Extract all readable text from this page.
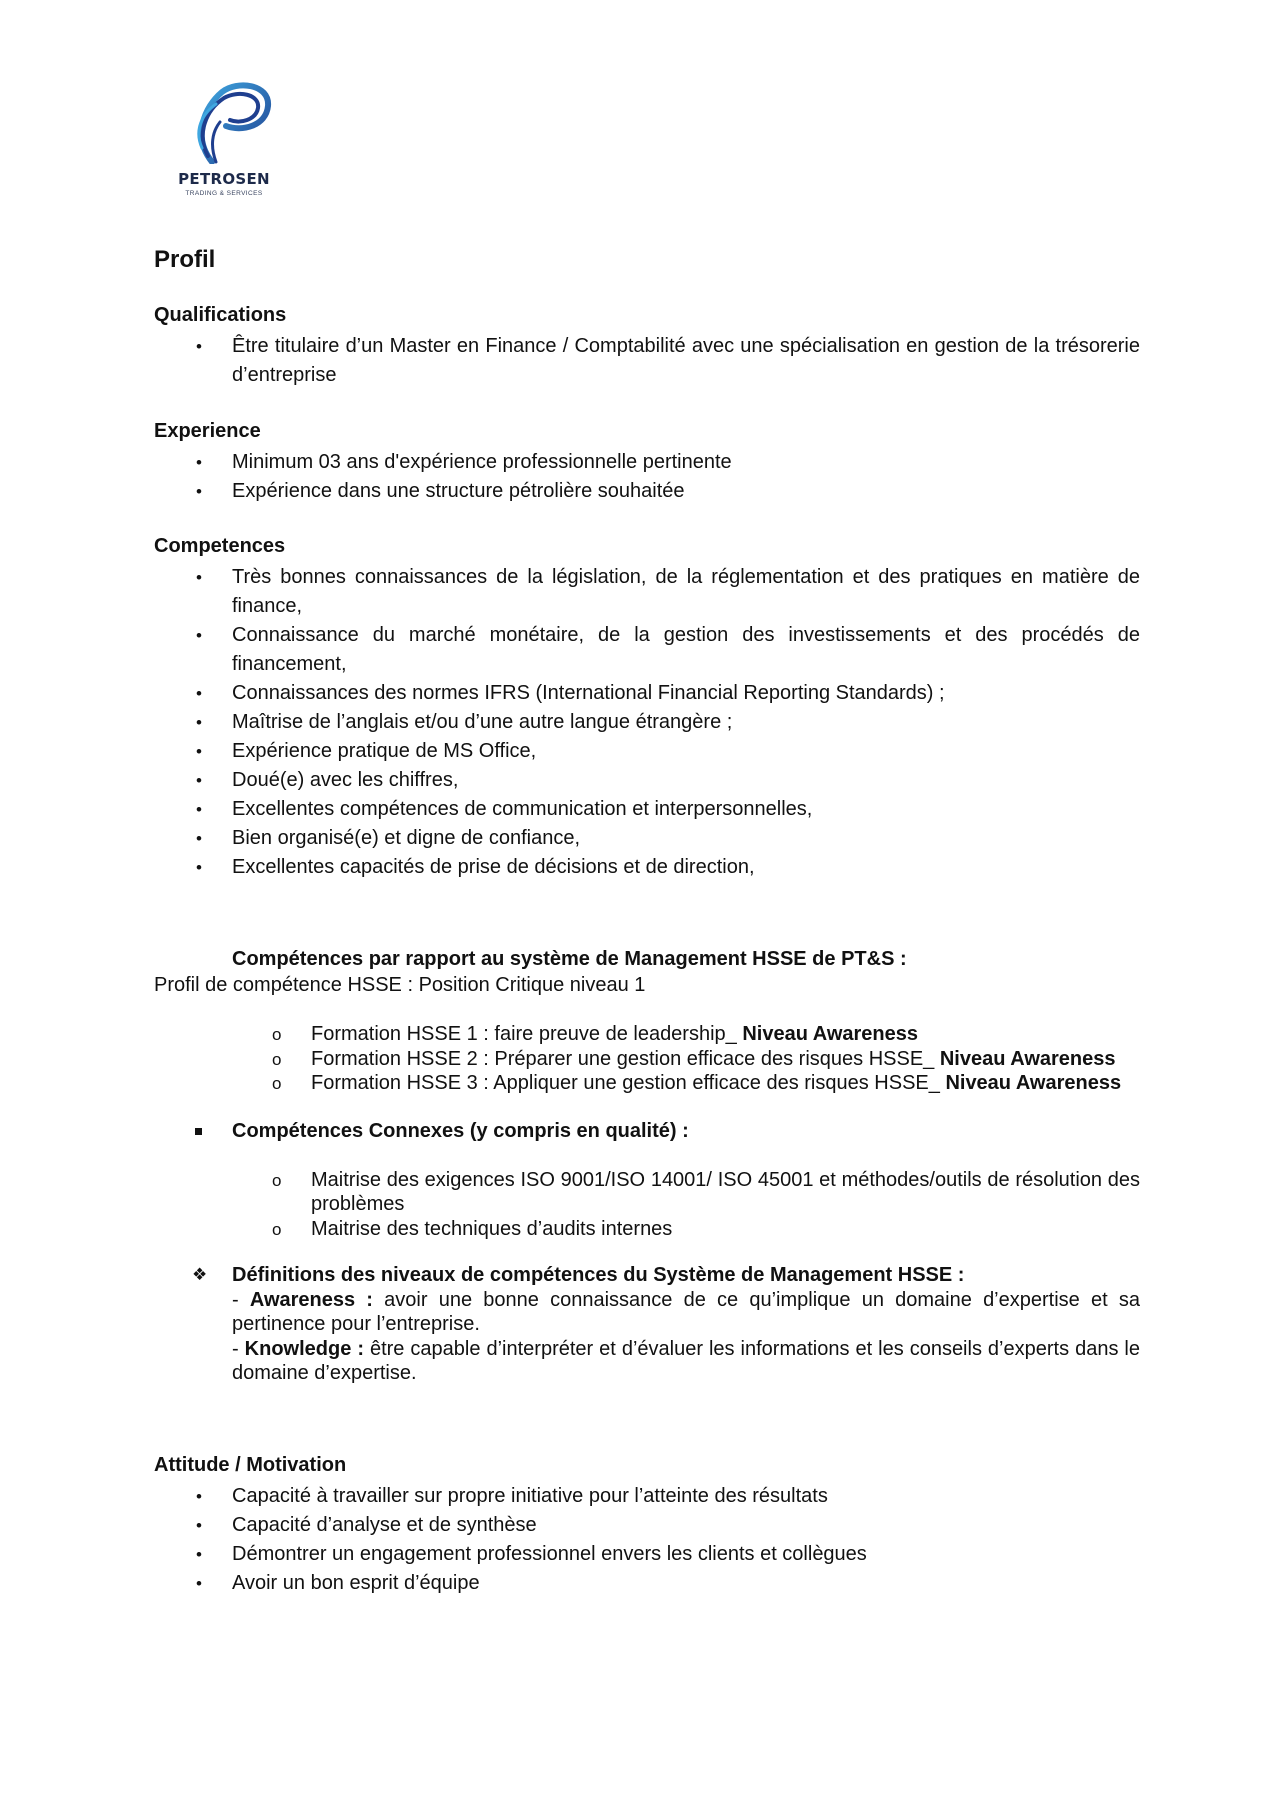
PETROSEN
TRADING & SERVICES
Profil
Qualifications
• Être titulaire d’un Master en Finance / Comptabilité avec une spécialisation en gestion de la trésorerie d’entreprise
Experience
• Minimum 03 ans d'expérience professionnelle pertinente
• Expérience dans une structure pétrolière souhaitée
Competences
• Très bonnes connaissances de la législation, de la réglementation et des pratiques en matière de finance,
• Connaissance du marché monétaire, de la gestion des investissements et des procédés de financement,
• Connaissances des normes IFRS (International Financial Reporting Standards) ;
• Maîtrise de l’anglais et/ou d’une autre langue étrangère ;
• Expérience pratique de MS Office,
• Doué(e) avec les chiffres,
• Excellentes compétences de communication et interpersonnelles,
• Bien organisé(e) et digne de confiance,
• Excellentes capacités de prise de décisions et de direction,
Compétences par rapport au système de Management HSSE de PT&S :
Profil de compétence HSSE : Position Critique niveau 1
o Formation HSSE 1 : faire preuve de leadership_ Niveau Awareness
o Formation HSSE 2 : Préparer une gestion efficace des risques HSSE_ Niveau Awareness
o Formation HSSE 3 : Appliquer une gestion efficace des risques HSSE_ Niveau Awareness
Compétences Connexes (y compris en qualité) :
o Maitrise des exigences ISO 9001/ISO 14001/ ISO 45001 et méthodes/outils de résolution des problèmes
o Maitrise des techniques d’audits internes
❖ Définitions des niveaux de compétences du Système de Management HSSE :

- Awareness : avoir une bonne connaissance de ce qu’implique un domaine d’expertise et sa pertinence pour l’entreprise.

- Knowledge : être capable d’interpréter et d’évaluer les informations et les conseils d’experts dans le domaine d’expertise.

Attitude / Motivation
• Capacité à travailler sur propre initiative pour l’atteinte des résultats
• Capacité d’analyse et de synthèse
• Démontrer un engagement professionnel envers les clients et collègues
• Avoir un bon esprit d’équipe
